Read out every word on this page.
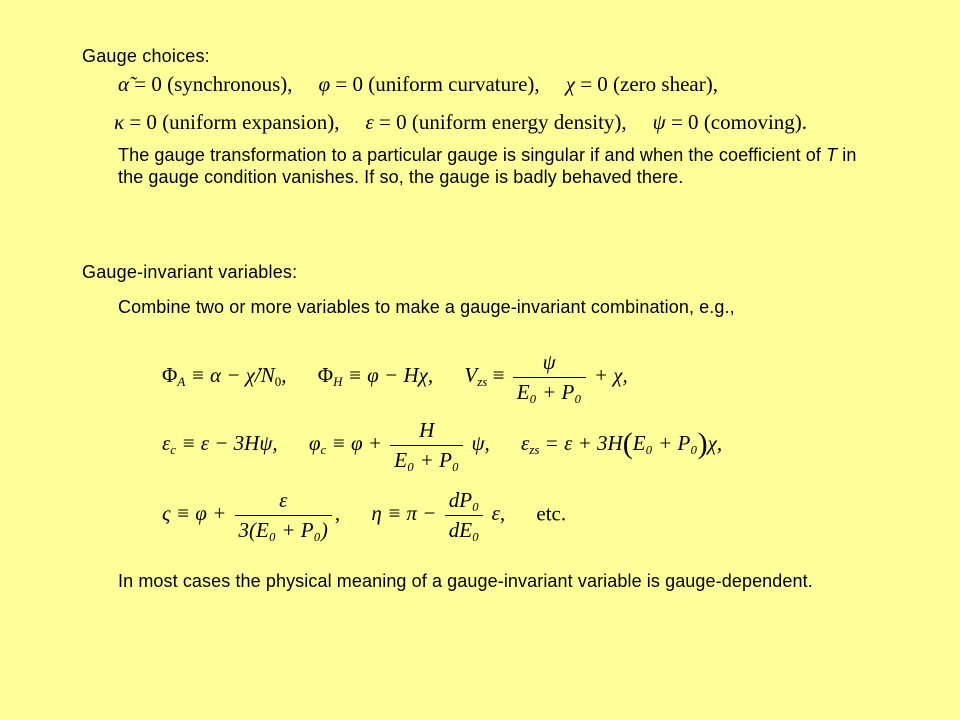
Gauge choices:
α̃ = 0 (synchronous), φ = 0 (uniform curvature), χ = 0 (zero shear),
κ = 0 (uniform expansion), ε = 0 (uniform energy density), ψ = 0 (comoving).
The gauge transformation to a particular gauge is singular if and when the coefficient of T in the gauge condition vanishes. If so, the gauge is badly behaved there.
Gauge-invariant variables:
Combine two or more variables to make a gauge-invariant combination, e.g.,
$\Phi_A \equiv \alpha$ − $\chi̇/N_0$, $\Phi_H \equiv \varphi - H\chi$, $V_{zs} \equiv \frac{\psi}{\text{E₀ + P₀}} + \chi$,
$\varepsilon_c \equiv \varepsilon - 3H\psi$, $\varphi_c \equiv \varphi + \frac{H}{\text{E₀ + P₀}} \psi$, $\varepsilon_{zs} = \varepsilon + 3H(E_0 + P_0)\chi$,
$\varsigma \equiv \varphi + \frac{\varepsilon}{\text{3(E₀ + P₀)}}$ , $\eta \equiv \pi - \frac{\text{dP₀}}{\text{dE₀}} \varepsilon$, etc.
In most cases the physical meaning of a gauge-invariant variable is gauge-dependent.
